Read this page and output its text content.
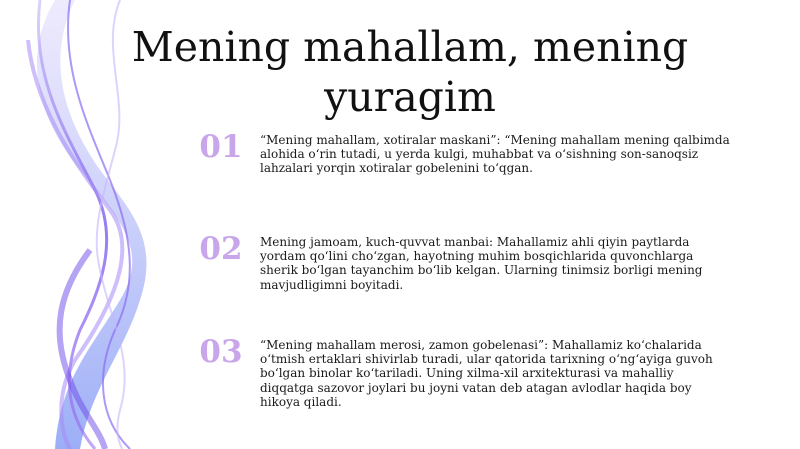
Mening mahallam, mening yuragim
01 “Mening mahallam, xotiralar maskani”: “Mening mahallam mening qalbimda alohida oʻrin tutadi, u yerda kulgi, muhabbat va oʻsishning son-sanoqsiz lahzalari yorqin xotiralar gobelenini toʻqgan.
02 Mening jamoam, kuch-quvvat manbai: Mahallamiz ahli qiyin paytlarda yordam qoʻlini choʻzgan, hayotning muhim bosqichlarida quvonchlarga sherik boʻlgan tayanchim boʻlib kelgan. Ularning tinimsiz borligi mening mavjudligimni boyitadi.
03 “Mening mahallam merosi, zamon gobelenasi”: Mahallamiz koʻchalarida oʻtmish ertaklari shivirlab turadi, ular qatorida tarixning oʻngʻayiga guvoh boʻlgan binolar koʻtariladi. Uning xilma-xil arxitekturasi va mahalliy diqqatga sazovor joylari bu joyni vatan deb atagan avlodlar haqida boy hikoya qiladi.
